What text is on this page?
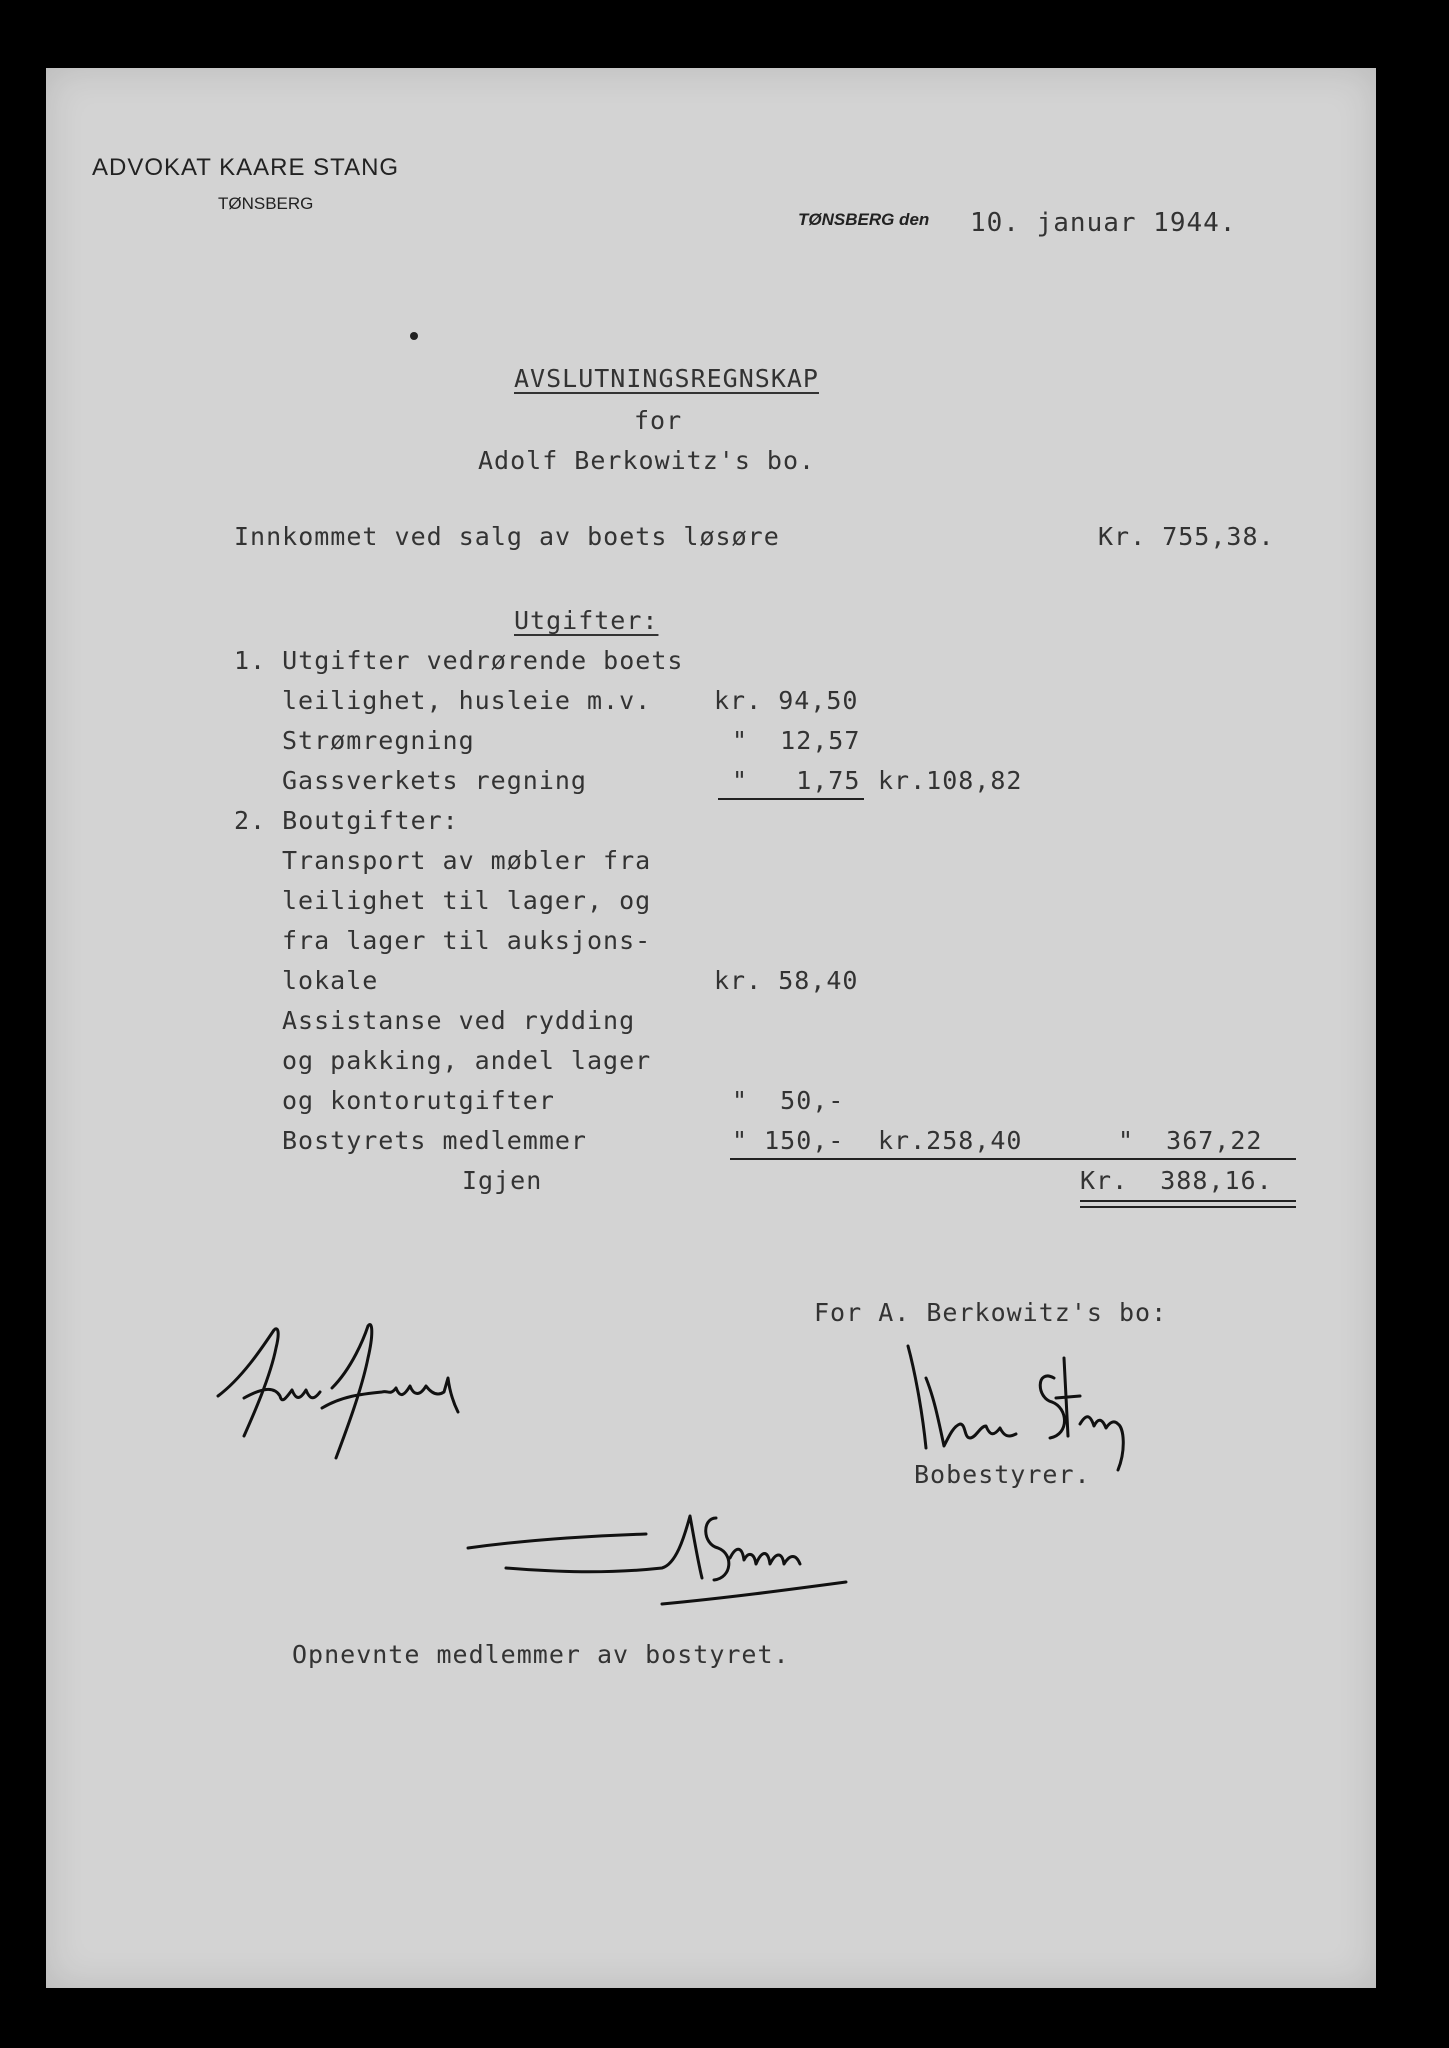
ADVOKAT KAARE STANG
TØNSBERG
TØNSBERG den 10. januar 1944.
AVSLUTNINGSREGNSKAP
for
Adolf Berkowitz's bo.
Innkommet ved salg av boets løsøre	Kr. 755,38.
Utgifter:
1. Utgifter vedrørende boets
leilighet, husleie m.v.	kr. 94,50
Strømregning	"  12,57
Gassverkets regning	"   1,75 kr.108,82
2. Boutgifter:
Transport av møbler fra
leilighet til lager, og
fra lager til auksjons-
lokale	kr. 58,40
Assistanse ved rydding
og pakking, andel lager
og kontorutgifter	"  50,-
Bostyrets medlemmer	" 150,- kr.258,40	"  367,22
Igjen	Kr.  388,16.
For A. Berkowitz's bo:
Bobestyrer.
Opnevnte medlemmer av bostyret.
